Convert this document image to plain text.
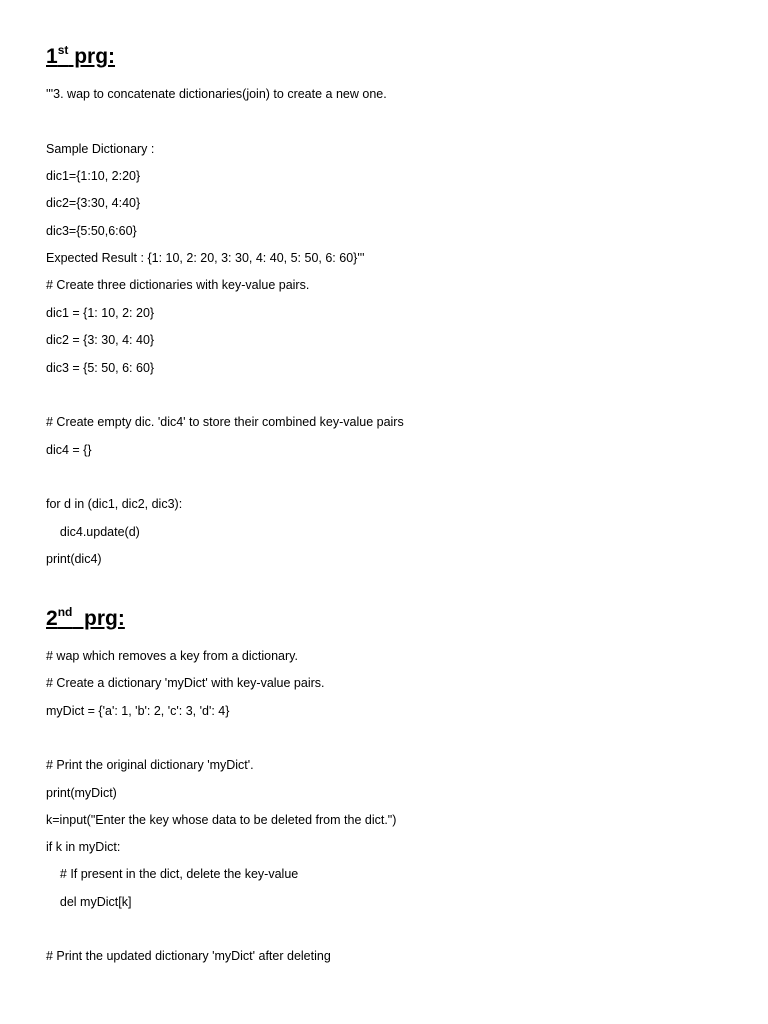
1st prg:
'''3. wap to concatenate dictionaries(join) to create a new one.
Sample Dictionary :
dic1={1:10, 2:20}
dic2={3:30, 4:40}
dic3={5:50,6:60}
Expected Result : {1: 10, 2: 20, 3: 30, 4: 40, 5: 50, 6: 60}'''
# Create three dictionaries with key-value pairs.
dic1 = {1: 10, 2: 20}
dic2 = {3: 30, 4: 40}
dic3 = {5: 50, 6: 60}
# Create empty dic. 'dic4' to store their combined key-value pairs
dic4 = {}
for d in (dic1, dic2, dic3):
dic4.update(d)
print(dic4)
2nd  prg:
# wap which removes a key from a dictionary.
# Create a dictionary 'myDict' with key-value pairs.
myDict = {'a': 1, 'b': 2, 'c': 3, 'd': 4}
# Print the original dictionary 'myDict'.
print(myDict)
k=input("Enter the key whose data to be deleted from the dict.")
if k in myDict:
# If present in the dict, delete the key-value
del myDict[k]
# Print the updated dictionary 'myDict' after deleting
